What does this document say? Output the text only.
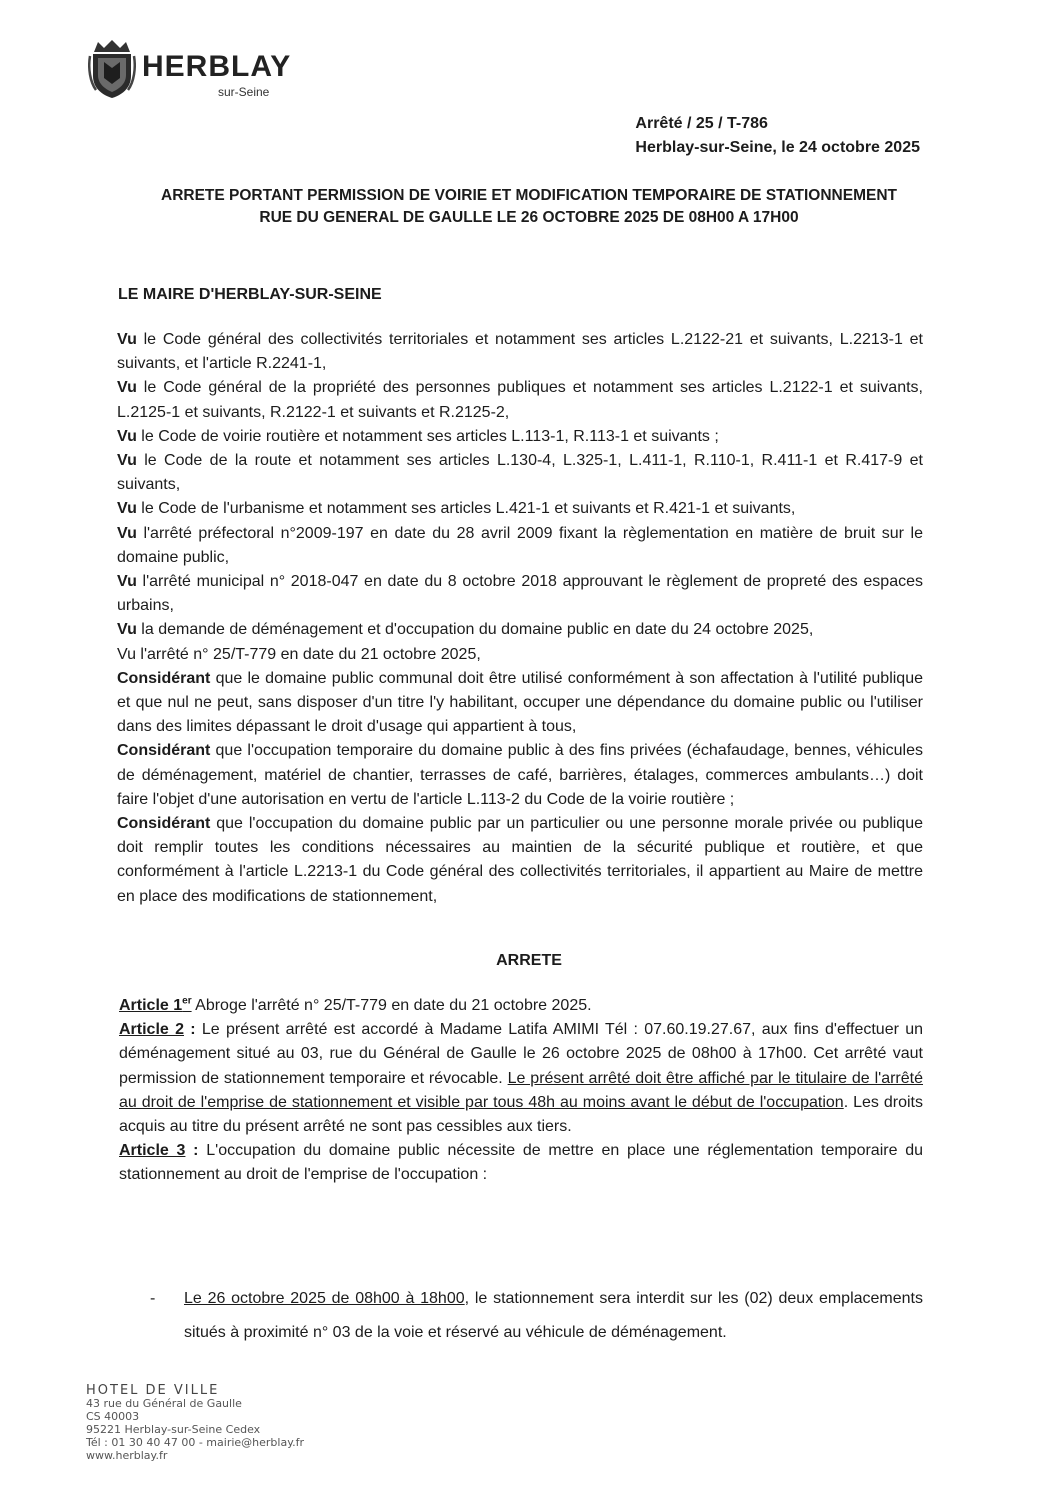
HERBLAY
sur-Seine
Arrêté / 25 / T-786
Herblay-sur-Seine, le 24 octobre 2025
ARRETE PORTANT PERMISSION DE VOIRIE ET MODIFICATION TEMPORAIRE DE STATIONNEMENT
RUE DU GENERAL DE GAULLE LE 26 OCTOBRE 2025 DE 08H00 A 17H00
LE MAIRE D'HERBLAY-SUR-SEINE

Vu le Code général des collectivités territoriales et notamment ses articles L.2122-21 et suivants, L.2213-1 et suivants, et l'article R.2241-1,

Vu le Code général de la propriété des personnes publiques et notamment ses articles L.2122-1 et suivants, L.2125-1 et suivants, R.2122-1 et suivants et R.2125-2,

Vu le Code de voirie routière et notamment ses articles L.113-1, R.113-1 et suivants ;

Vu le Code de la route et notamment ses articles L.130-4, L.325-1, L.411-1, R.110-1, R.411-1 et R.417-9 et suivants,

Vu le Code de l'urbanisme et notamment ses articles L.421-1 et suivants et R.421-1 et suivants,

Vu l'arrêté préfectoral n°2009-197 en date du 28 avril 2009 fixant la règlementation en matière de bruit sur le domaine public,

Vu l'arrêté municipal n° 2018-047 en date du 8 octobre 2018 approuvant le règlement de propreté des espaces urbains,

Vu la demande de déménagement et d'occupation du domaine public en date du 24 octobre 2025,

Vu l'arrêté n° 25/T-779 en date du 21 octobre 2025,

Considérant que le domaine public communal doit être utilisé conformément à son affectation à l'utilité publique et que nul ne peut, sans disposer d'un titre l'y habilitant, occuper une dépendance du domaine public ou l'utiliser dans des limites dépassant le droit d'usage qui appartient à tous,

Considérant que l'occupation temporaire du domaine public à des fins privées (échafaudage, bennes, véhicules de déménagement, matériel de chantier, terrasses de café, barrières, étalages, commerces ambulants…) doit faire l'objet d'une autorisation en vertu de l'article L.113-2 du Code de la voirie routière ;

Considérant que l'occupation du domaine public par un particulier ou une personne morale privée ou publique doit remplir toutes les conditions nécessaires au maintien de la sécurité publique et routière, et que conformément à l'article L.2213-1 du Code général des collectivités territoriales, il appartient au Maire de mettre en place des modifications de stationnement,

ARRETE

Article 1er Abroge l'arrêté n° 25/T-779 en date du 21 octobre 2025.

Article 2 : Le présent arrêté est accordé à Madame Latifa AMIMI Tél : 07.60.19.27.67, aux fins d'effectuer un déménagement situé au 03, rue du Général de Gaulle le 26 octobre 2025 de 08h00 à 17h00. Cet arrêté vaut permission de stationnement temporaire et révocable. Le présent arrêté doit être affiché par le titulaire de l'arrêté au droit de l'emprise de stationnement et visible par tous 48h au moins avant le début de l'occupation. Les droits acquis au titre du présent arrêté ne sont pas cessibles aux tiers.

Article 3 : L'occupation du domaine public nécessite de mettre en place une réglementation temporaire du stationnement au droit de l'emprise de l'occupation :

- Le 26 octobre 2025 de 08h00 à 18h00, le stationnement sera interdit sur les (02) deux emplacements situés à proximité n° 03 de la voie et réservé au véhicule de déménagement.
HOTEL DE VILLE
43 rue du Général de Gaulle
CS 40003
95221 Herblay-sur-Seine Cedex
Tél : 01 30 40 47 00 - mairie@herblay.fr
www.herblay.fr
